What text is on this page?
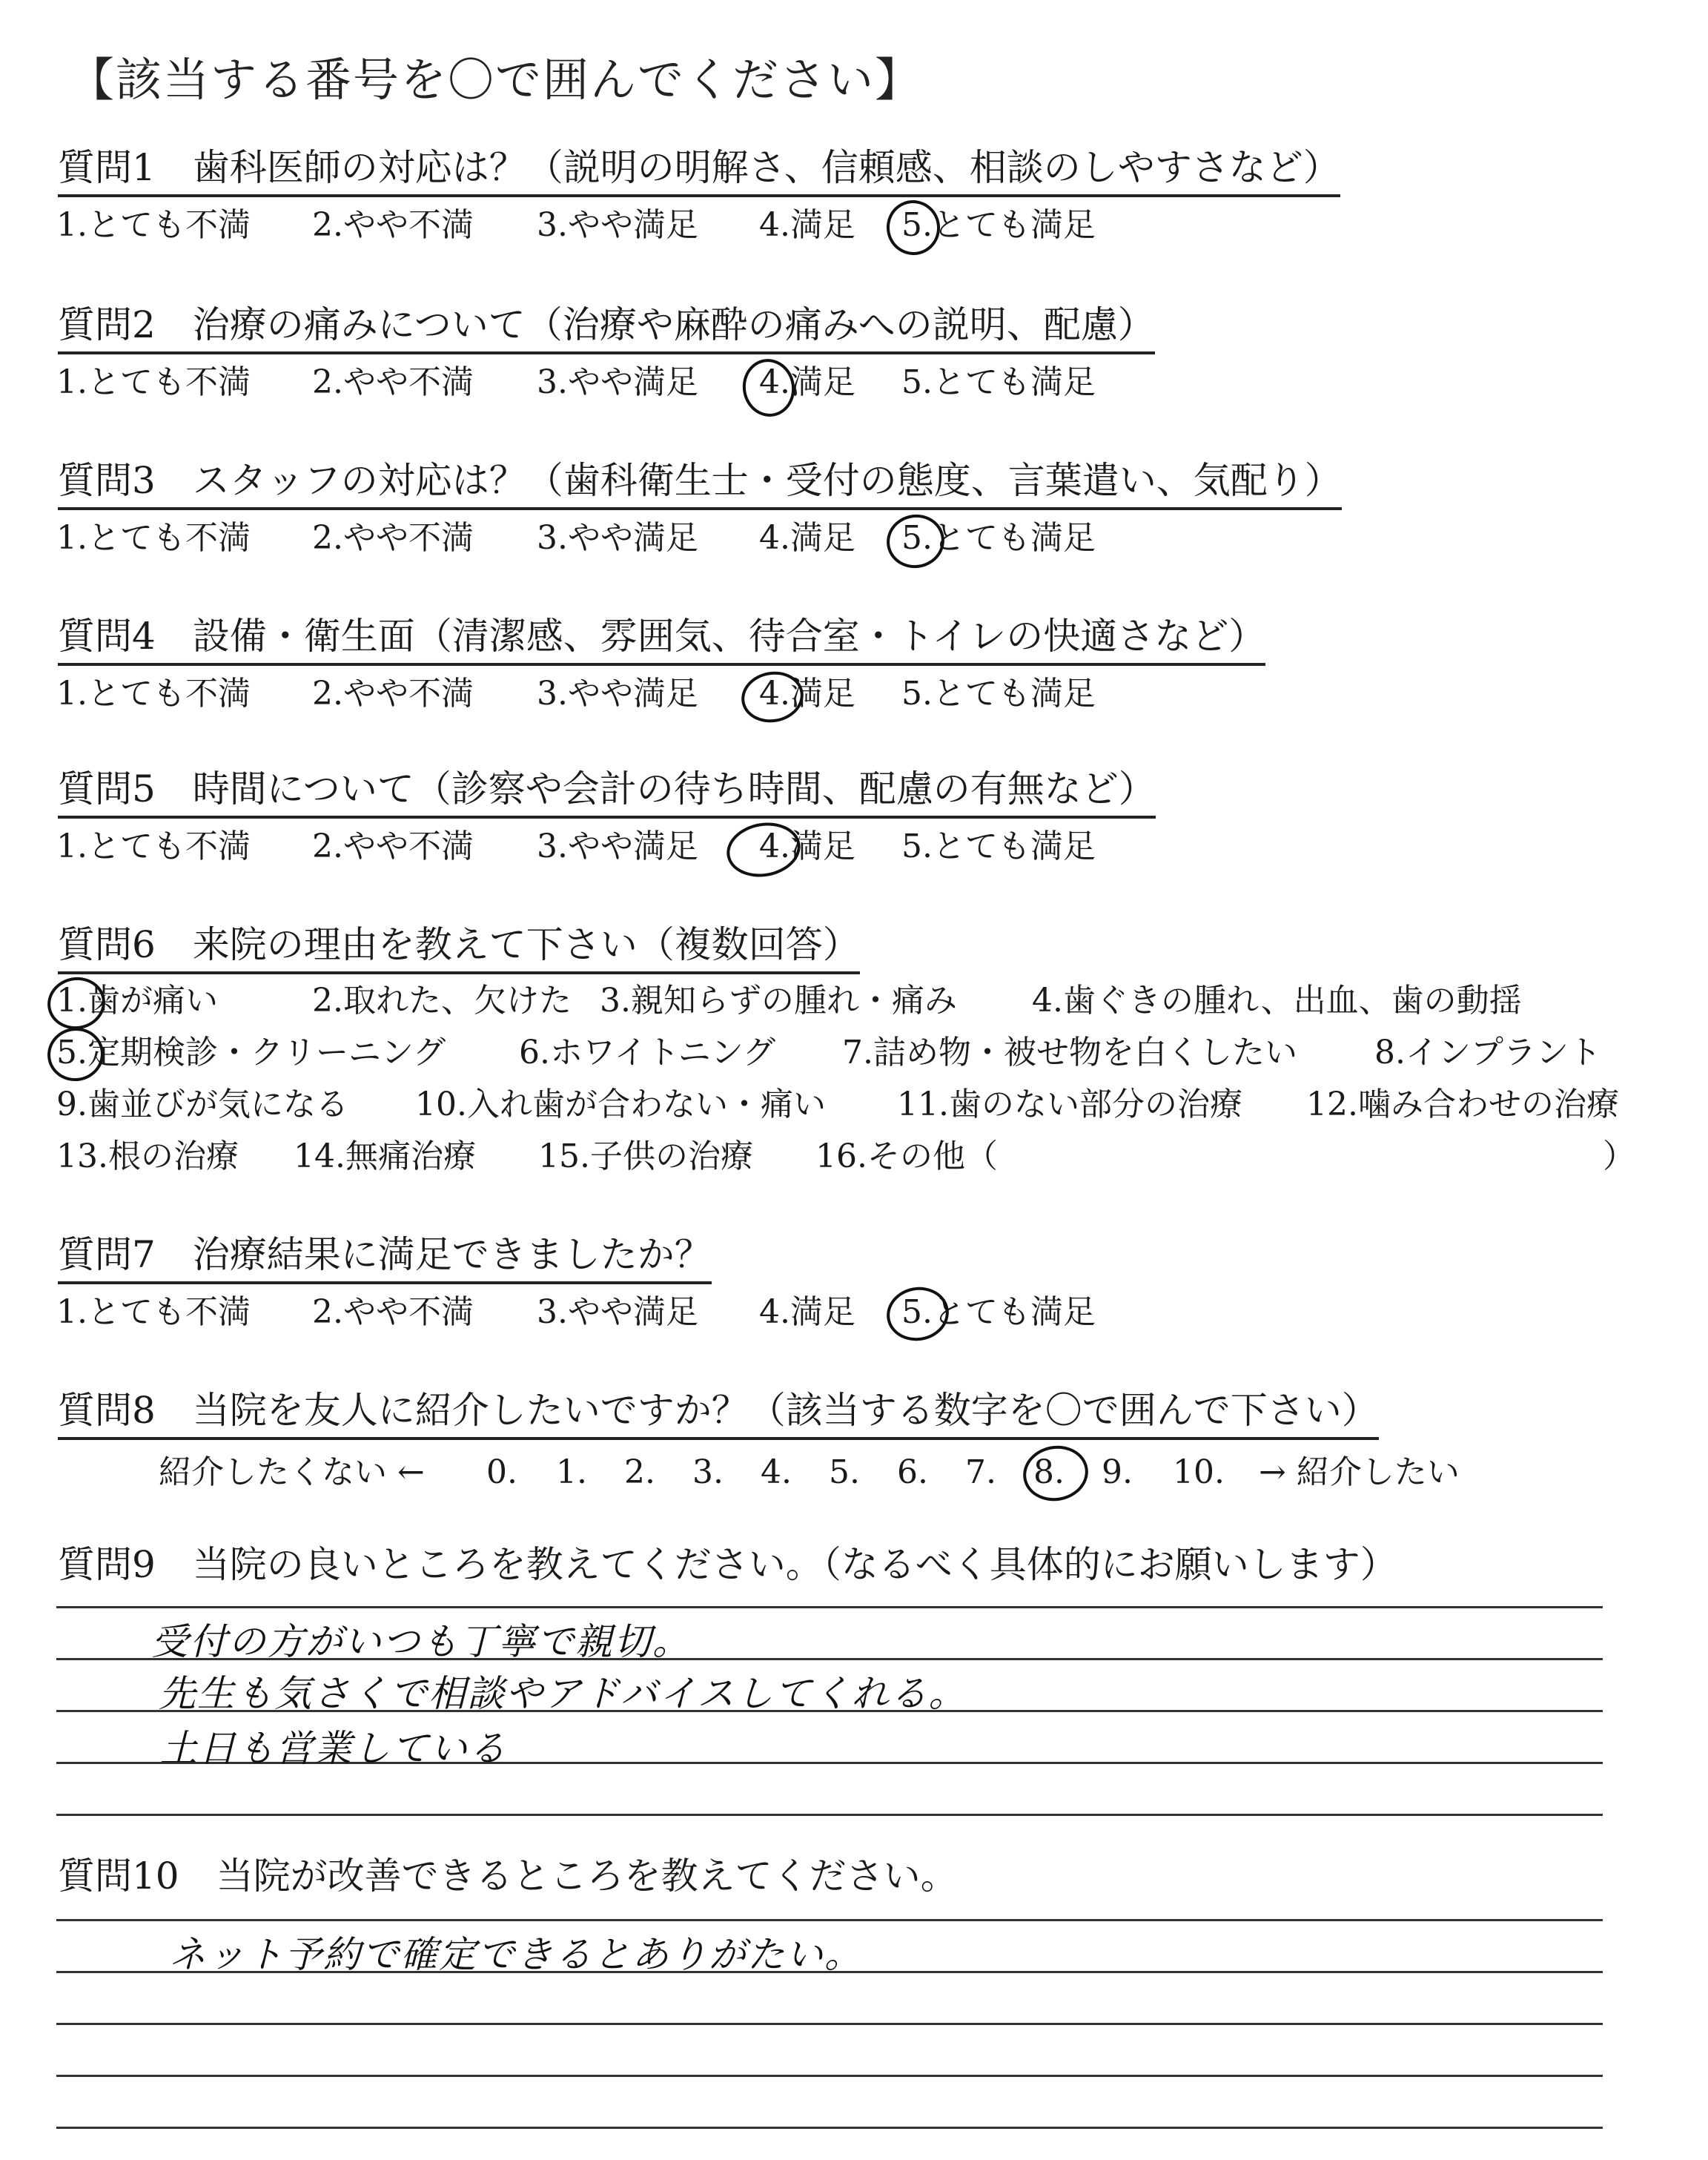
【該当する番号を〇で囲んでください】
質問1　歯科医師の対応は？（説明の明解さ、信頼感、相談のしやすさなど）
1.とても不満 2.やや不満 3.やや満足 4.満足 5.とても満足
質問2　治療の痛みについて（治療や麻酔の痛みへの説明、配慮）
1.とても不満 2.やや不満 3.やや満足 4.満足 5.とても満足
質問3　スタッフの対応は？（歯科衛生士・受付の態度、言葉遣い、気配り）
1.とても不満 2.やや不満 3.やや満足 4.満足 5.とても満足
質問4　設備・衛生面（清潔感、雰囲気、待合室・トイレの快適さなど）
1.とても不満 2.やや不満 3.やや満足 4.満足 5.とても満足
質問5　時間について（診察や会計の待ち時間、配慮の有無など）
1.とても不満 2.やや不満 3.やや満足 4.満足 5.とても満足
質問6　来院の理由を教えて下さい（複数回答）
1.歯が痛い	2.取れた、欠けた 3.親知らずの腫れ・痛み 4.歯ぐきの腫れ、出血、歯の動揺
5.定期検診・クリーニング 6.ホワイトニング 7.詰め物・被せ物を白くしたい 8.インプラント
9.歯並びが気になる 10.入れ歯が合わない・痛い 11.歯のない部分の治療 12.噛み合わせの治療
13.根の治療 14.無痛治療 15.子供の治療 16.その他（	）
質問7　治療結果に満足できましたか？
1.とても不満 2.やや不満 3.やや満足 4.満足 5.とても満足
質問8　当院を友人に紹介したいですか？（該当する数字を〇で囲んで下さい）
紹介したくない ← 0. 1. 2. 3. 4. 5. 6. 7. 8. 9. 10. → 紹介したい
質問9　当院の良いところを教えてください。（なるべく具体的にお願いします）
受付の方がいつも丁寧で親切。
先生も気さくで相談やアドバイスしてくれる。
土日も営業している
質問10　当院が改善できるところを教えてください。
ネット予約で確定できるとありがたい。
